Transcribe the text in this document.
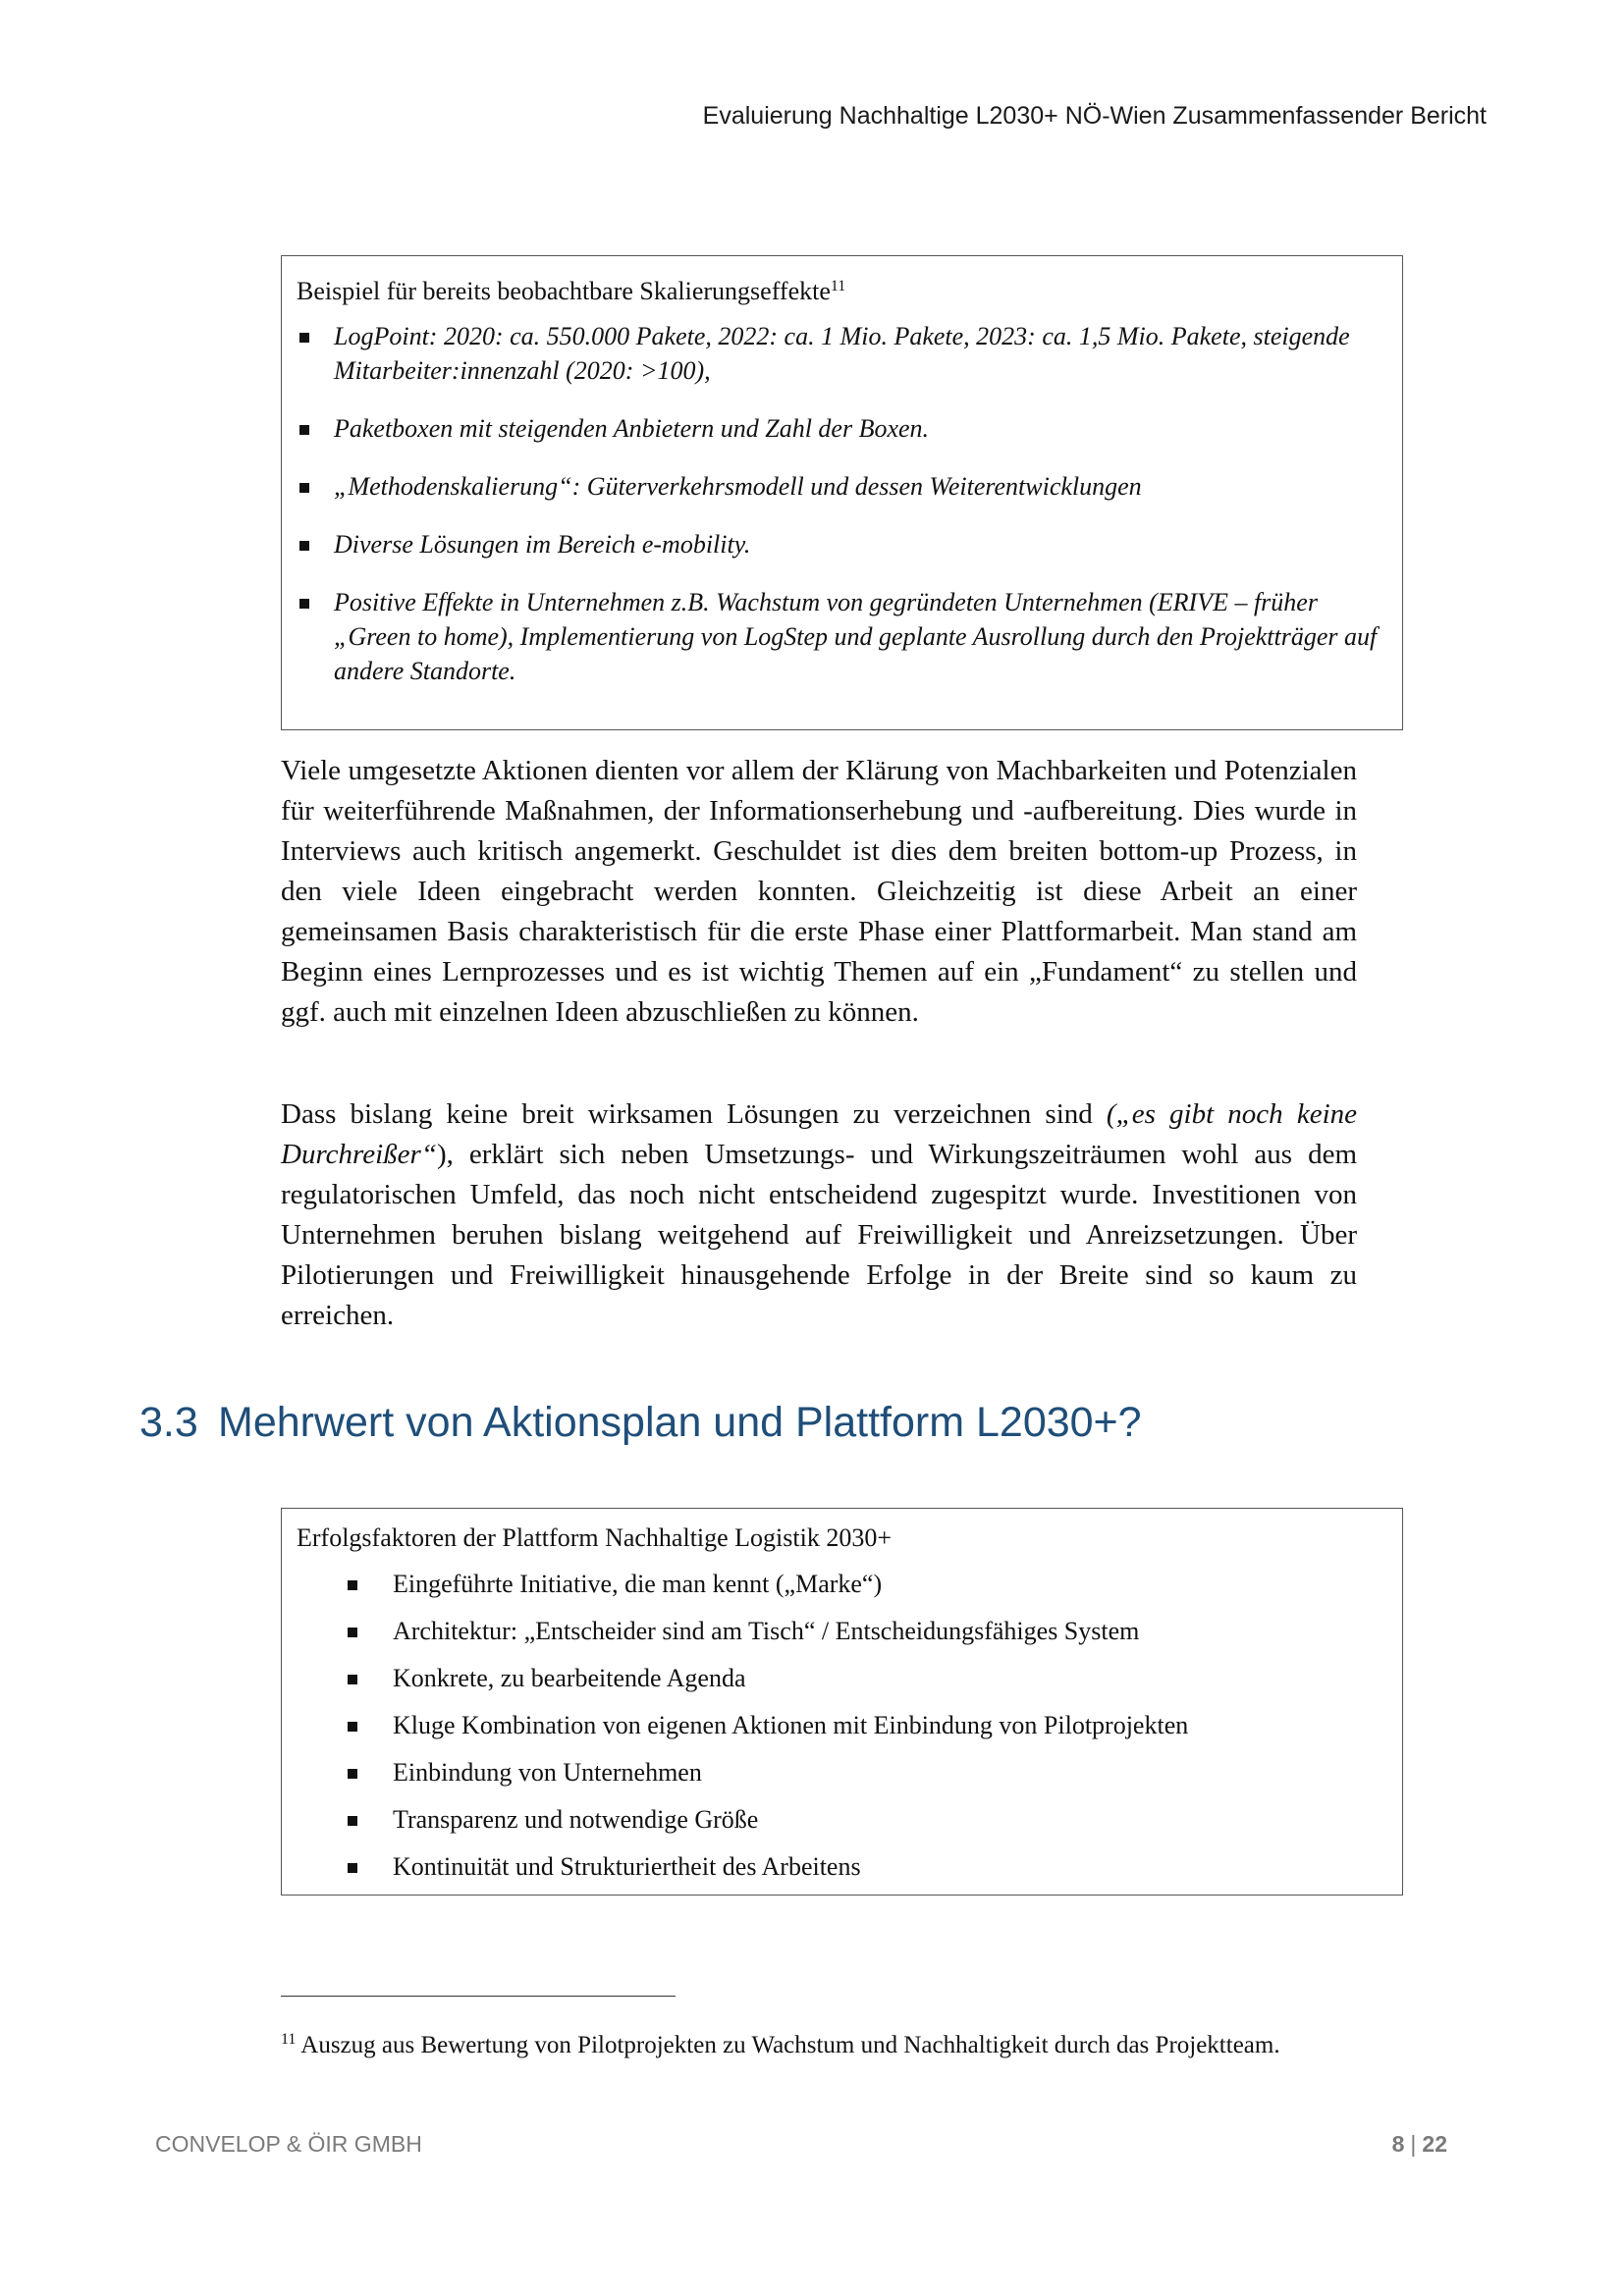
Evaluierung Nachhaltige L2030+ NÖ-Wien Zusammenfassender Bericht

Beispiel für bereits beobachtbare Skalierungseffekte$^{11}$

LogPoint: 2020: ca. 550.000 Pakete, 2022: ca. 1 Mio. Pakete, 2023: ca. 1,5 Mio. Pakete, steigende Mitarbeiter:innenzahl (2020: >100),
Paketboxen mit steigenden Anbietern und Zahl der Boxen.
„Methodenskalierung“: Güterverkehrsmodell und dessen Weiterentwicklungen
Diverse Lösungen im Bereich e-mobility.
Positive Effekte in Unternehmen z.B. Wachstum von gegründeten Unternehmen (ERIVE – früher „Green to home), Implementierung von LogStep und geplante Ausrollung durch den Projektträger auf andere Standorte.

Viele umgesetzte Aktionen dienten vor allem der Klärung von Machbarkeiten und Potenzialen für weiterführende Maßnahmen, der Informationserhebung und -aufbereitung. Dies wurde in Interviews auch kritisch angemerkt. Geschuldet ist dies dem breiten bottom-up Prozess, in den viele Ideen eingebracht werden konnten. Gleichzeitig ist diese Arbeit an einer gemeinsamen Basis charakteristisch für die erste Phase einer Plattformarbeit. Man stand am Beginn eines Lernprozesses und es ist wichtig Themen auf ein „Fundament“ zu stellen und ggf. auch mit einzelnen Ideen abzuschließen zu können.

Dass bislang keine breit wirksamen Lösungen zu verzeichnen sind („es gibt noch keine Durchreißer“), erklärt sich neben Umsetzungs- und Wirkungszeiträumen wohl aus dem regulatorischen Umfeld, das noch nicht entscheidend zugespitzt wurde. Investitionen von Unternehmen beruhen bislang weitgehend auf Freiwilligkeit und Anreizsetzungen. Über Pilotierungen und Freiwilligkeit hinausgehende Erfolge in der Breite sind so kaum zu erreichen.

3.3 Mehrwert von Aktionsplan und Plattform L2030+?

Erfolgsfaktoren der Plattform Nachhaltige Logistik 2030+

Eingeführte Initiative, die man kennt („Marke“)
Architektur: „Entscheider sind am Tisch“ / Entscheidungsfähiges System
Konkrete, zu bearbeitende Agenda
Kluge Kombination von eigenen Aktionen mit Einbindung von Pilotprojekten
Einbindung von Unternehmen
Transparenz und notwendige Größe
Kontinuität und Strukturiertheit des Arbeitens

$^{11}$ Auszug aus Bewertung von Pilotprojekten zu Wachstum und Nachhaltigkeit durch das Projektteam.

CONVELOP & ÖIR GMBH	8 | 22
